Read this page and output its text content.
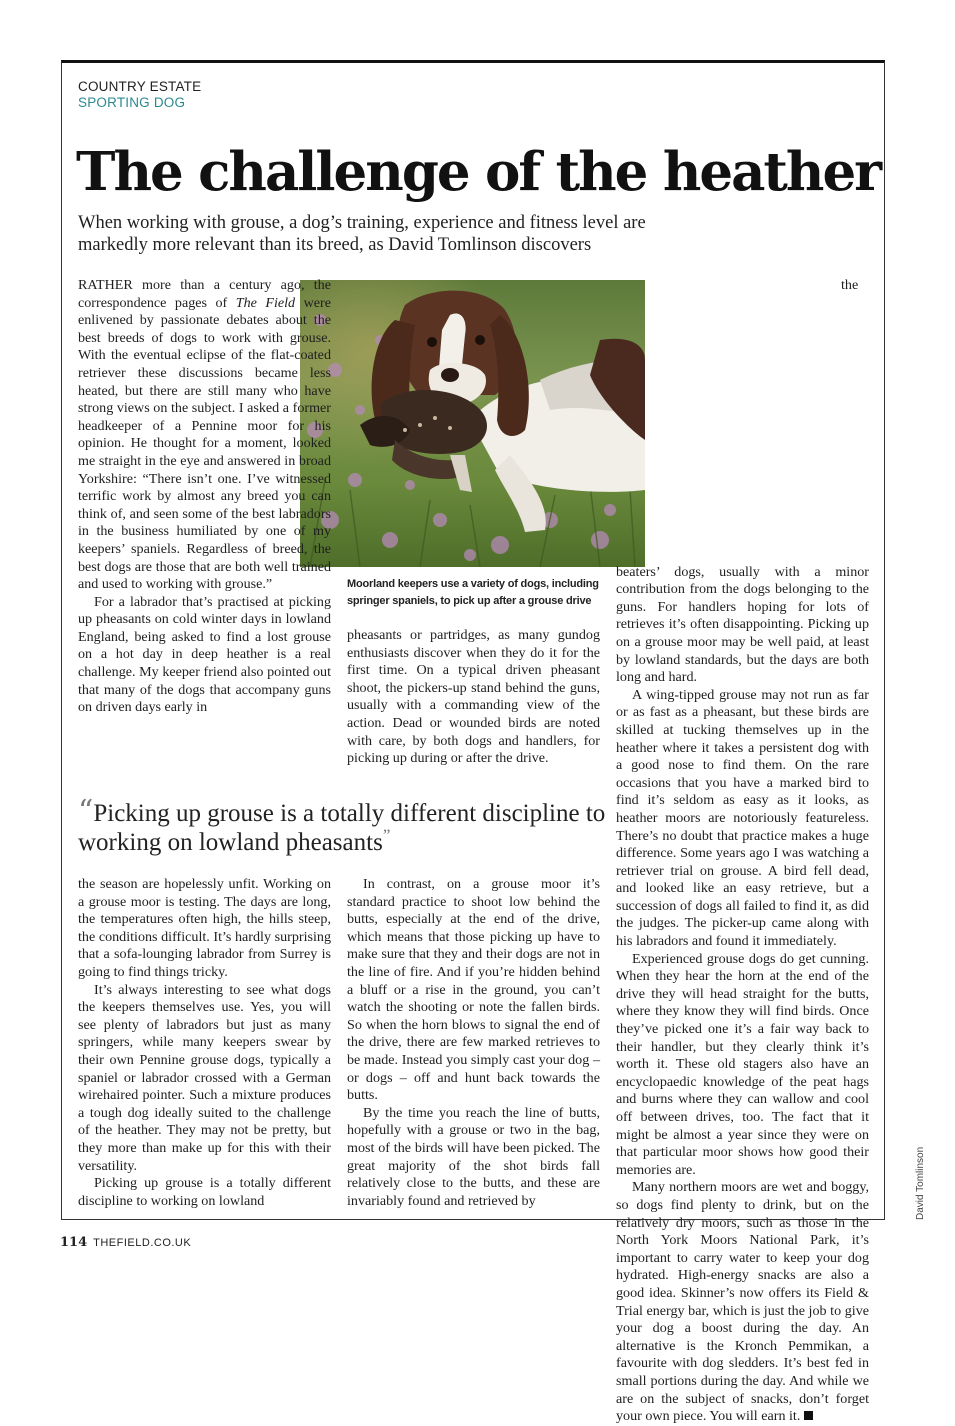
COUNTRY ESTATE
SPORTING DOG
The challenge of the heather
When working with grouse, a dog’s training, experience and fitness level are markedly more relevant than its breed, as David Tomlinson discovers
Moorland keepers use a variety of dogs, including springer spaniels, to pick up after a grouse drive

RATHER more than a century ago, the correspondence pages of The Field were enlivened by passionate debates about the best breeds of dogs to work with grouse. With the eventual eclipse of the flat-coated retriever these discussions became less heated, but there are still many who have strong views on the subject. I asked a former headkeeper of a Pennine moor for his opinion. He thought for a moment, looked me straight in the eye and answered in broad Yorkshire: “There isn’t one. I’ve witnessed terrific work by almost any breed you can think of, and seen some of the best labradors in the business humiliated by one of my keepers’ spaniels. Regardless of breed, the best dogs are those that are both well trained and used to working with grouse.”

For a labrador that’s practised at picking up pheasants on cold winter days in lowland England, being asked to find a lost grouse on a hot day in deep heather is a real challenge. My keeper friend also pointed out that many of the dogs that accompany guns on driven days early in

pheasants or partridges, as many gundog enthusiasts discover when they do it for the first time. On a typical driven pheasant shoot, the pickers-up stand behind the guns, usually with a commanding view of the action. Dead or wounded birds are noted with care, by both dogs and handlers, for picking up during or after the drive.

the beaters’ dogs, usually with a minor contribution from the dogs belonging to the guns. For handlers hoping for lots of retrieves it’s often disappointing. Picking up on a grouse moor may be well paid, at least by lowland standards, but the days are both long and hard.

A wing-tipped grouse may not run as far or as fast as a pheasant, but these birds are skilled at tucking themselves up in the heather where it takes a persistent dog with a good nose to find them. On the rare occasions that you have a marked bird to find it’s seldom as easy as it looks, as heather moors are notoriously featureless. There’s no doubt that practice makes a huge difference. Some years ago I was watching a retriever trial on grouse. A bird fell dead, and looked like an easy retrieve, but a succession of dogs all failed to find it, as did the judges. The picker-up came along with his labradors and found it immediately.

Experienced grouse dogs do get cunning. When they hear the horn at the end of the drive they will head straight for the butts, where they know they will find birds. Once they’ve picked one it’s a fair way back to their handler, but they clearly think it’s worth it. These old stagers also have an encyclopaedic knowledge of the peat hags and burns where they can wallow and cool off between drives, too. The fact that it might be almost a year since they were on that particular moor shows how good their memories are.

Many northern moors are wet and boggy, so dogs find plenty to drink, but on the relatively dry moors, such as those in the North York Moors National Park, it’s important to carry water to keep your dog hydrated. High-energy snacks are also a good idea. Skinner’s now offers its Field & Trial energy bar, which is just the job to give your dog a boost during the day. An alternative is the Kronch Pemmikan, a favourite with dog sledders. It’s best fed in small portions during the day. And while we are on the subject of snacks, don’t forget your own piece. You will earn it.

“Picking up grouse is a totally different discipline to working on lowland pheasants”

the season are hopelessly unfit. Working on a grouse moor is testing. The days are long, the temperatures often high, the hills steep, the conditions difficult. It’s hardly surprising that a sofa-lounging labrador from Surrey is going to find things tricky.

It’s always interesting to see what dogs the keepers themselves use. Yes, you will see plenty of labradors but just as many springers, while many keepers swear by their own Pennine grouse dogs, typically a spaniel or labrador crossed with a German wirehaired pointer. Such a mixture produces a tough dog ideally suited to the challenge of the heather. They may not be pretty, but they more than make up for this with their versatility.

Picking up grouse is a totally different discipline to working on lowland

In contrast, on a grouse moor it’s standard practice to shoot low behind the butts, especially at the end of the drive, which means that those picking up have to make sure that they and their dogs are not in the line of fire. And if you’re hidden behind a bluff or a rise in the ground, you can’t watch the shooting or note the fallen birds. So when the horn blows to signal the end of the drive, there are few marked retrieves to be made. Instead you simply cast your dog – or dogs – off and hunt back towards the butts.

By the time you reach the line of butts, hopefully with a grouse or two in the bag, most of the birds will have been picked. The great majority of the shot birds fall relatively close to the butts, and these are invariably found and retrieved by

114 THEFIELD.CO.UK
David Tomlinson
